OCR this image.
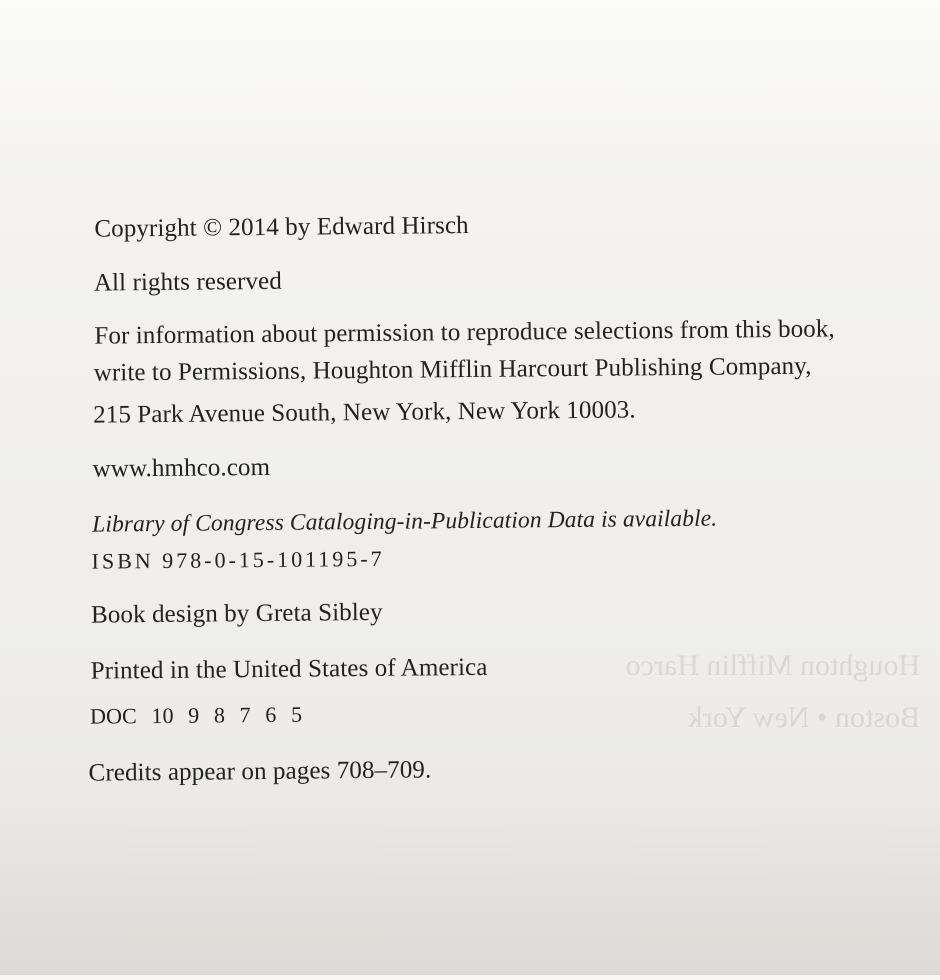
Houghton Mifflin Harco
Boston • New York
Copyright © 2014 by Edward Hirsch
All rights reserved
For information about permission to reproduce selections from this book,
write to Permissions, Houghton Mifflin Harcourt Publishing Company,
215 Park Avenue South, New York, New York 10003.
www.hmhco.com
Library of Congress Cataloging-in-Publication Data is available.
ISBN 978-0-15-101195-7
Book design by Greta Sibley
Printed in the United States of America
DOC 10 9 8 7 6 5
Credits appear on pages 708–709.
